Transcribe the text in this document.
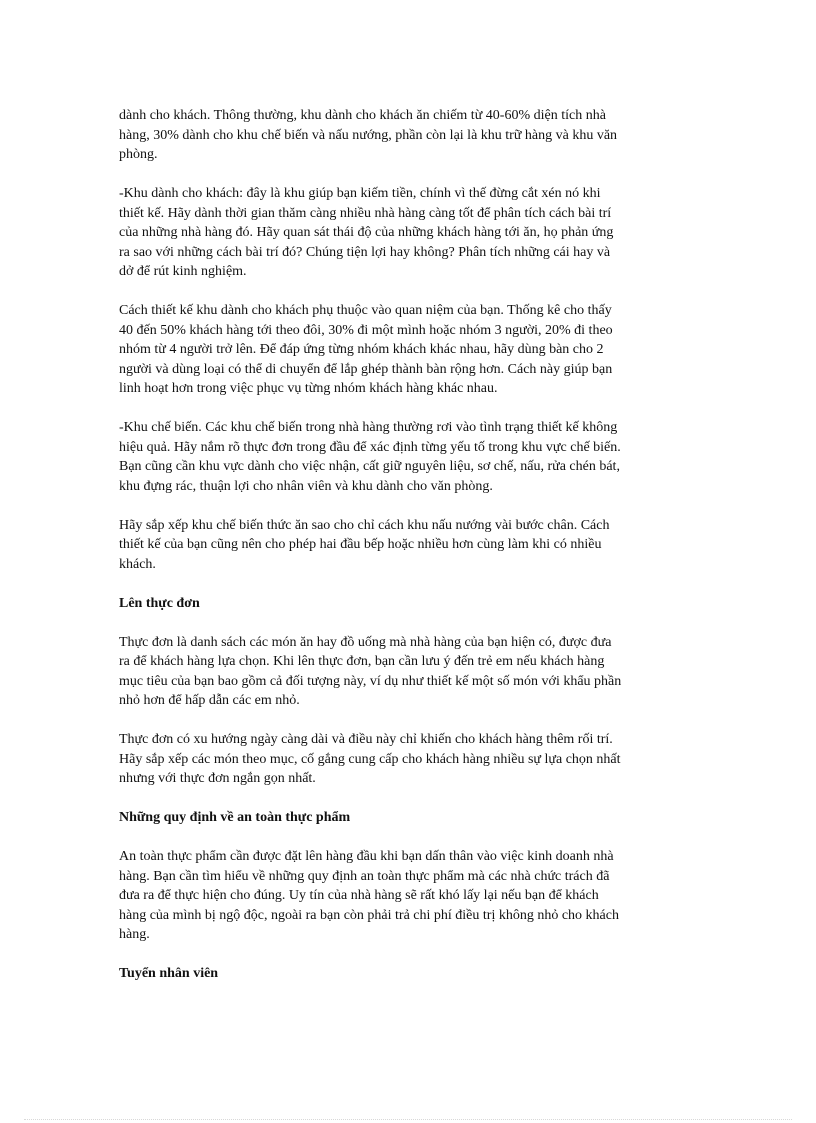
dành cho khách. Thông thường, khu dành cho khách ăn chiếm từ 40-60% diện tích nhà
hàng, 30% dành cho khu chế biến và nấu nướng, phần còn lại là khu trữ hàng và khu văn
phòng.

-Khu dành cho khách: đây là khu giúp bạn kiếm tiền, chính vì thế đừng cắt xén nó khi
thiết kế. Hãy dành thời gian thăm càng nhiều nhà hàng càng tốt để phân tích cách bài trí
của những nhà hàng đó. Hãy quan sát thái độ của những khách hàng tới ăn, họ phản ứng
ra sao với những cách bài trí đó? Chúng tiện lợi hay không? Phân tích những cái hay và
dở để rút kinh nghiệm.

Cách thiết kế khu dành cho khách phụ thuộc vào quan niệm của bạn. Thống kê cho thấy
40 đến 50% khách hàng tới theo đôi, 30% đi một mình hoặc nhóm 3 người, 20% đi theo
nhóm từ 4 người trở lên. Để đáp ứng từng nhóm khách khác nhau, hãy dùng bàn cho 2
người và dùng loại có thể di chuyển để lắp ghép thành bàn rộng hơn. Cách này giúp bạn
linh hoạt hơn trong việc phục vụ từng nhóm khách hàng khác nhau.

-Khu chế biến. Các khu chế biến trong nhà hàng thường rơi vào tình trạng thiết kế không
hiệu quả. Hãy nắm rõ thực đơn trong đầu để xác định từng yếu tố trong khu vực chế biến.
Bạn cũng cần khu vực dành cho việc nhận, cất giữ nguyên liệu, sơ chế, nấu, rửa chén bát,
khu đựng rác, thuận lợi cho nhân viên và khu dành cho văn phòng.

Hãy sắp xếp khu chế biến thức ăn sao cho chỉ cách khu nấu nướng vài bước chân. Cách
thiết kế của bạn cũng nên cho phép hai đầu bếp hoặc nhiều hơn cùng làm khi có nhiều
khách.

Lên thực đơn

Thực đơn là danh sách các món ăn hay đồ uống mà nhà hàng của bạn hiện có, được đưa
ra để khách hàng lựa chọn. Khi lên thực đơn, bạn cần lưu ý đến trẻ em nếu khách hàng
mục tiêu của bạn bao gồm cả đối tượng này, ví dụ như thiết kế một số món với khẩu phần
nhỏ hơn để hấp dẫn các em nhỏ.

Thực đơn có xu hướng ngày càng dài và điều này chỉ khiến cho khách hàng thêm rối trí.
Hãy sắp xếp các món theo mục, cố gắng cung cấp cho khách hàng nhiều sự lựa chọn nhất
nhưng với thực đơn ngắn gọn nhất.

Những quy định về an toàn thực phẩm

An toàn thực phẩm cần được đặt lên hàng đầu khi bạn dấn thân vào việc kinh doanh nhà
hàng. Bạn cần tìm hiểu về những quy định an toàn thực phẩm mà các nhà chức trách đã
đưa ra để thực hiện cho đúng. Uy tín của nhà hàng sẽ rất khó lấy lại nếu bạn để khách
hàng của mình bị ngộ độc, ngoài ra bạn còn phải trả chi phí điều trị không nhỏ cho khách
hàng.

Tuyển nhân viên
